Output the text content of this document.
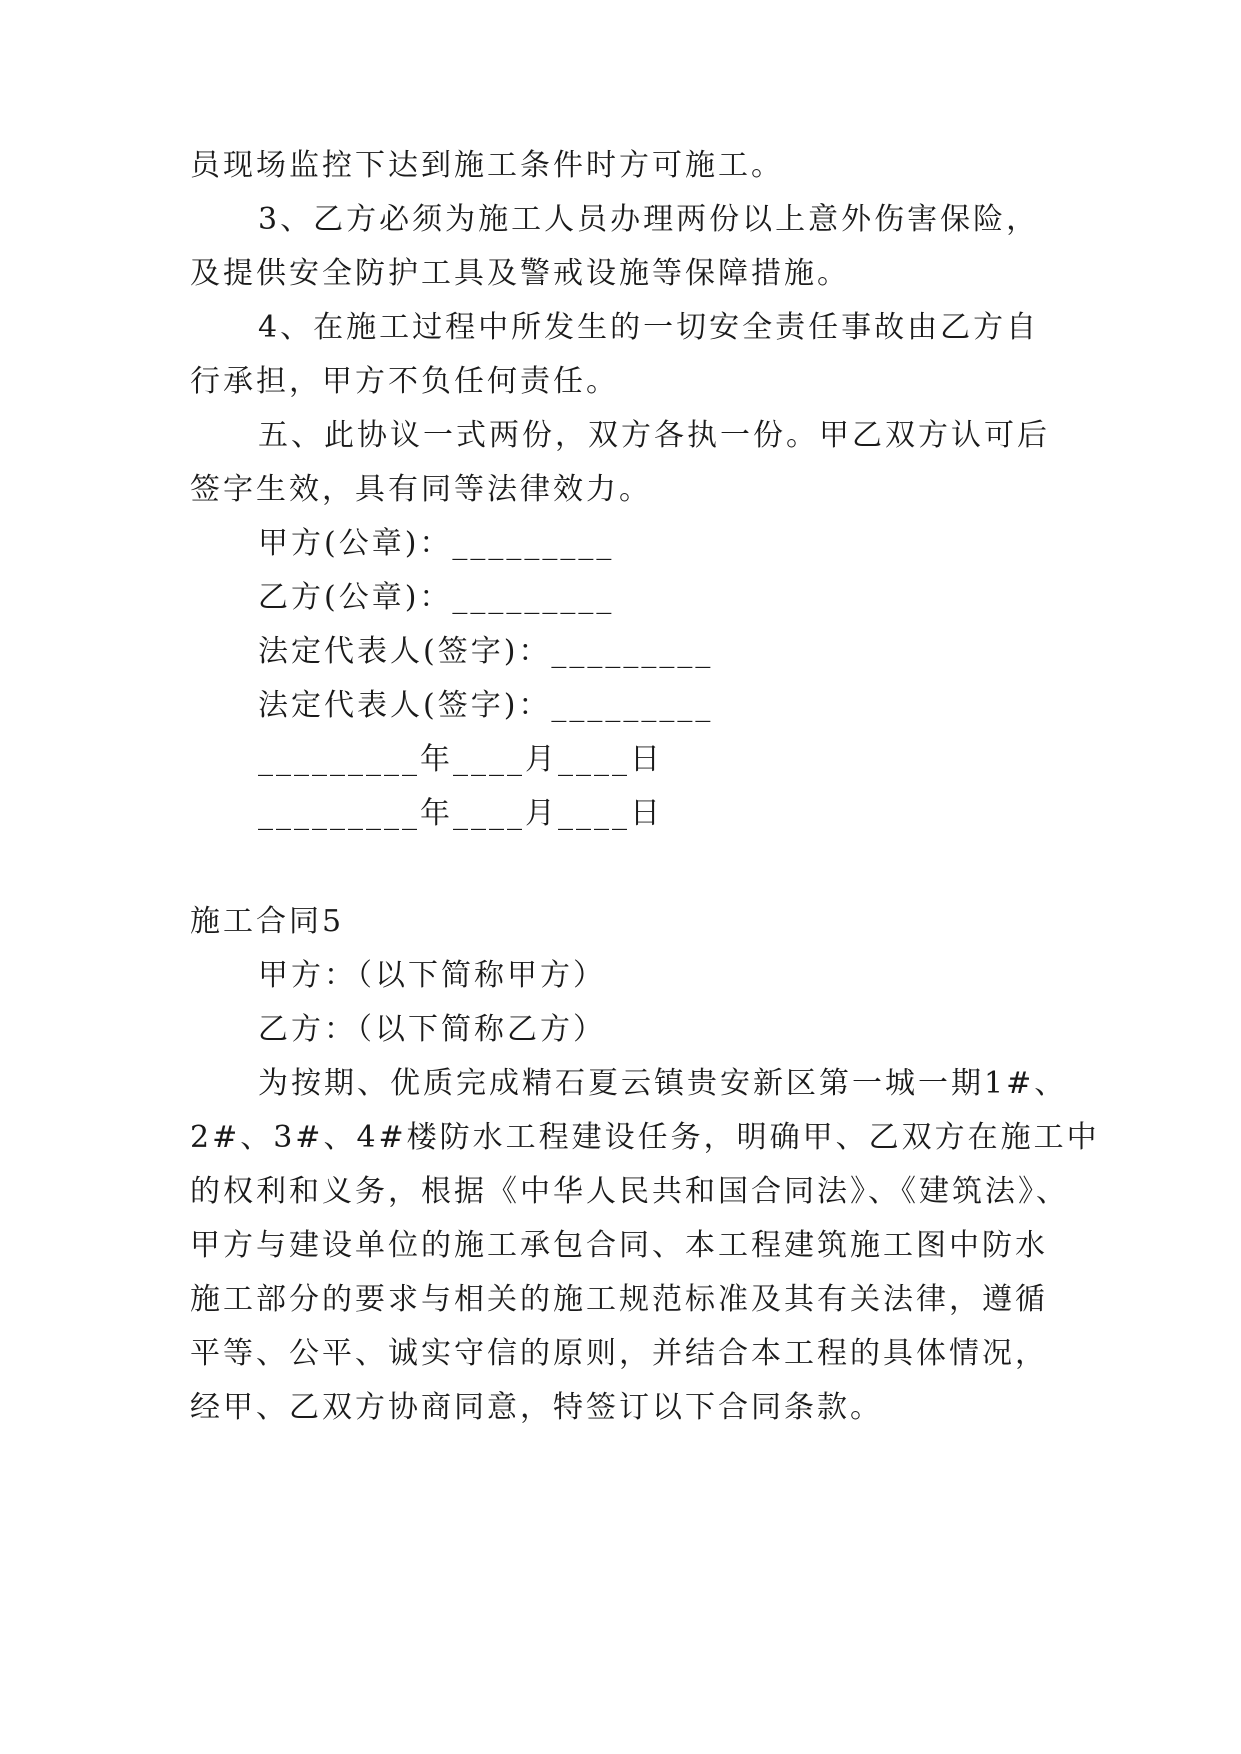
员现场监控下达到施工条件时方可施工。
3、乙方必须为施工人员办理两份以上意外伤害保险，
及提供安全防护工具及警戒设施等保障措施。
4、在施工过程中所发生的一切安全责任事故由乙方自
行承担，甲方不负任何责任。
五、此协议一式两份，双方各执一份。甲乙双方认可后
签字生效，具有同等法律效力。
甲方(公章)：_________
乙方(公章)：_________
法定代表人(签字)：_________
法定代表人(签字)：_________
_________年____月____日
_________年____月____日
施工合同5
甲方：（以下简称甲方）
乙方：（以下简称乙方）
为按期、优质完成精石夏云镇贵安新区第一城一期1#、
2#、3#、4#楼防水工程建设任务，明确甲、乙双方在施工中
的权利和义务，根据《中华人民共和国合同法》、《建筑法》、
甲方与建设单位的施工承包合同、本工程建筑施工图中防水
施工部分的要求与相关的施工规范标准及其有关法律，遵循
平等、公平、诚实守信的原则，并结合本工程的具体情况，
经甲、乙双方协商同意，特签订以下合同条款。
